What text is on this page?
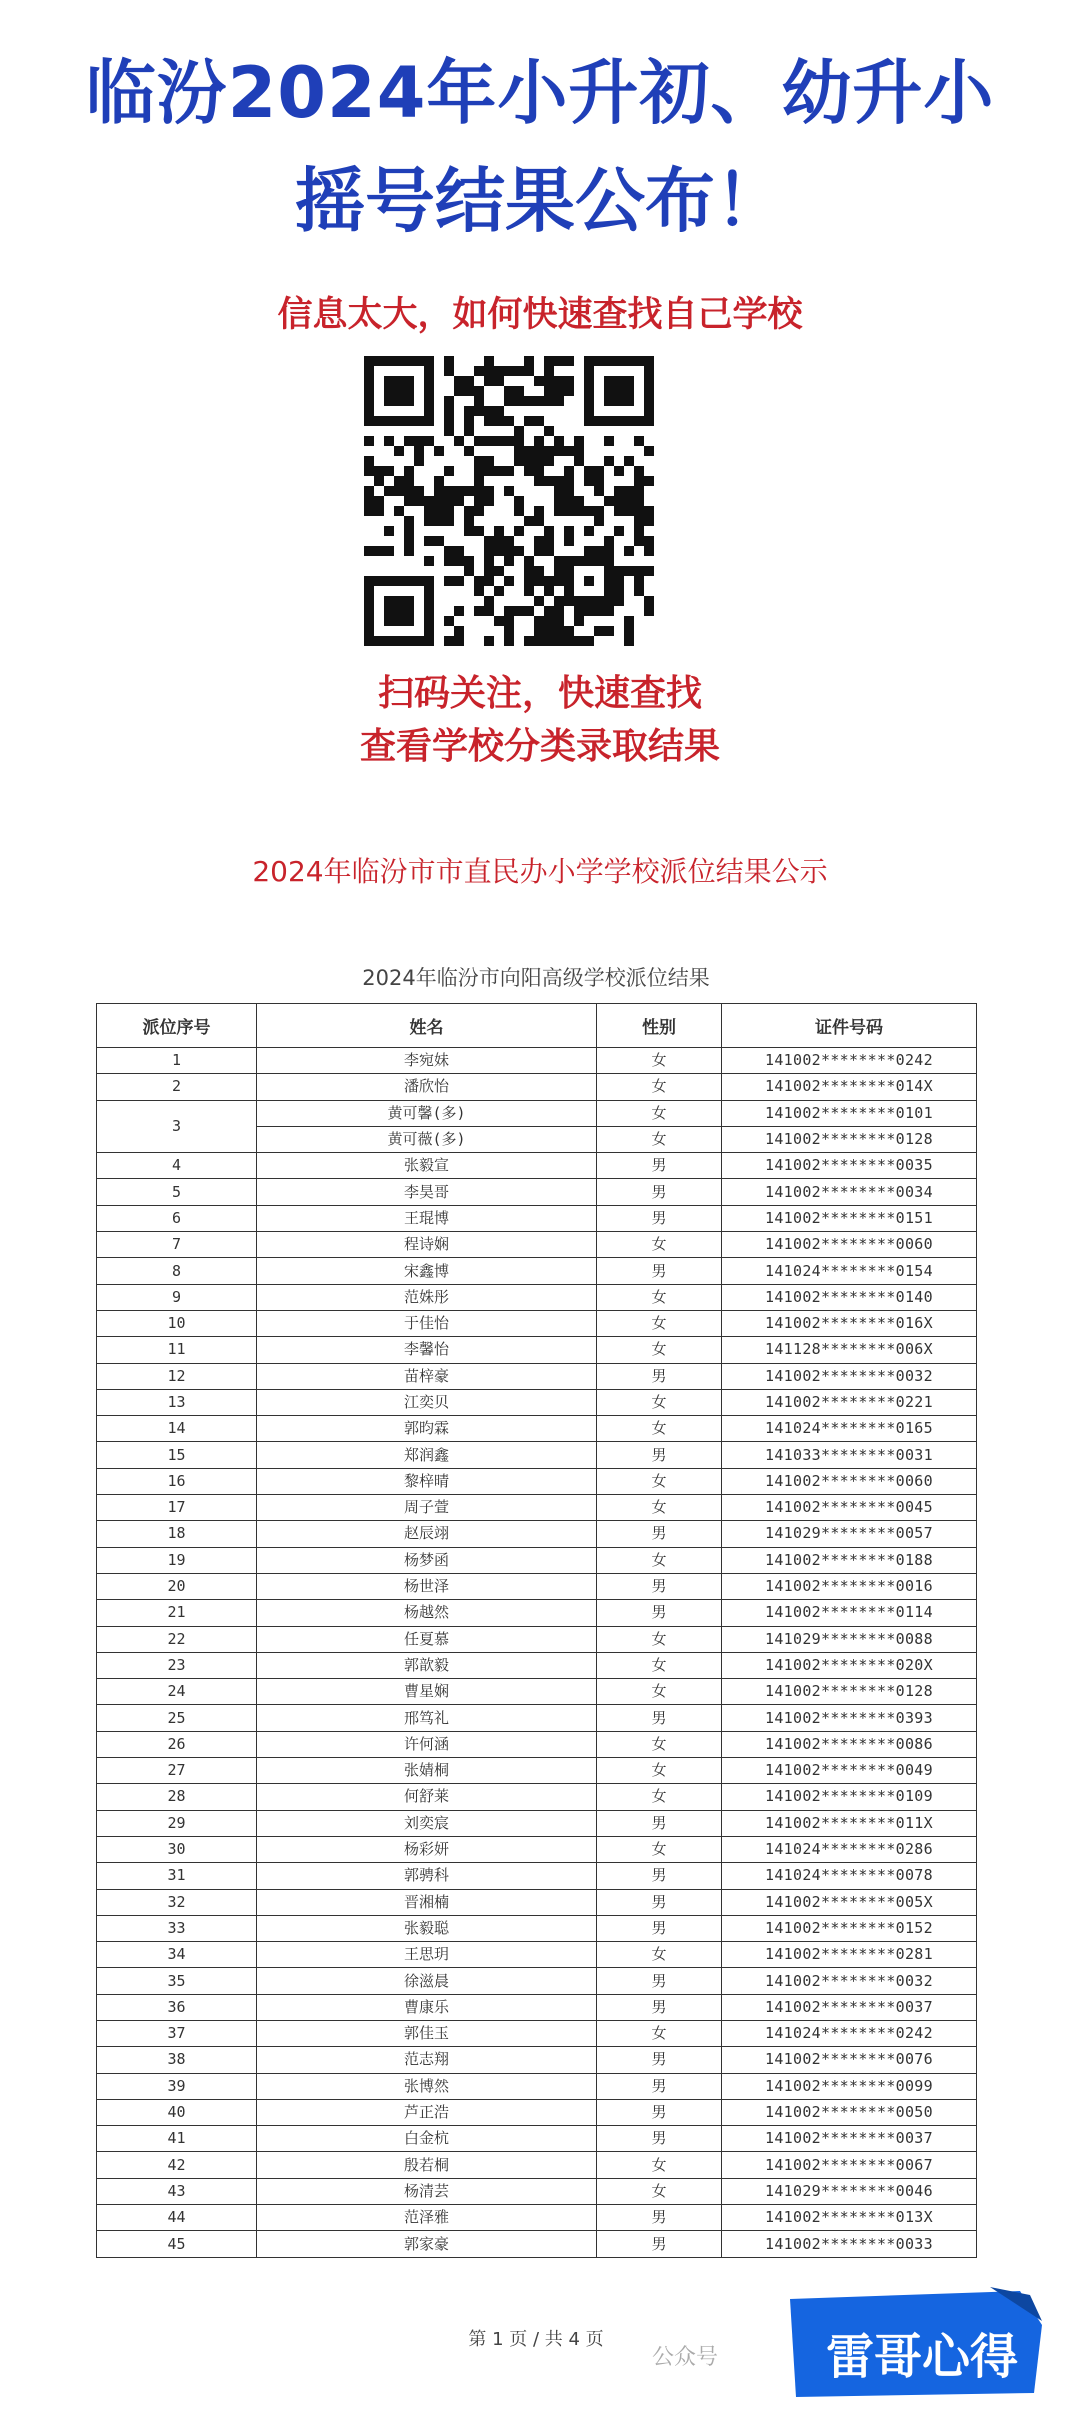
临汾2024年小升初、幼升小
摇号结果公布！
信息太大，如何快速查找自己学校
扫码关注，快速查找
查看学校分类录取结果
2024年临汾市市直民办小学学校派位结果公示
2024年临汾市向阳高级学校派位结果
派位序号	姓名	性别	证件号码
1	李宛妹	女	141002********0242
2	潘欣怡	女	141002********014X
3	黄可馨(多)	女	141002********0101
	黄可薇(多)	女	141002********0128
4	张毅宣	男	141002********0035
5	李昊哥	男	141002********0034
6	王琨博	男	141002********0151
7	程诗娴	女	141002********0060
8	宋鑫博	男	141024********0154
9	范姝彤	女	141002********0140
10	于佳怡	女	141002********016X
11	李馨怡	女	141128********006X
12	苗梓豪	男	141002********0032
13	江奕贝	女	141002********0221
14	郭昀霖	女	141024********0165
15	郑润鑫	男	141033********0031
16	黎梓晴	女	141002********0060
17	周子萱	女	141002********0045
18	赵辰翊	男	141029********0057
19	杨梦函	女	141002********0188
20	杨世泽	男	141002********0016
21	杨越然	男	141002********0114
22	任夏慕	女	141029********0088
23	郭歆毅	女	141002********020X
24	曹星娴	女	141002********0128
25	邢笃礼	男	141002********0393
26	许何涵	女	141002********0086
27	张婧桐	女	141002********0049
28	何舒莱	女	141002********0109
29	刘奕宸	男	141002********011X
30	杨彩妍	女	141024********0286
31	郭骋科	男	141024********0078
32	晋湘楠	男	141002********005X
33	张毅聪	男	141002********0152
34	王思玥	女	141002********0281
35	徐滋晨	男	141002********0032
36	曹康乐	男	141002********0037
37	郭佳玉	女	141024********0242
38	范志翔	男	141002********0076
39	张博然	男	141002********0099
40	芦正浩	男	141002********0050
41	白金杭	男	141002********0037
42	殷若桐	女	141002********0067
43	杨清芸	女	141029********0046
44	范泽雅	男	141002********013X
45	郭家豪	男	141002********0033
第 1 页 / 共 4 页
公众号 雷哥心得
